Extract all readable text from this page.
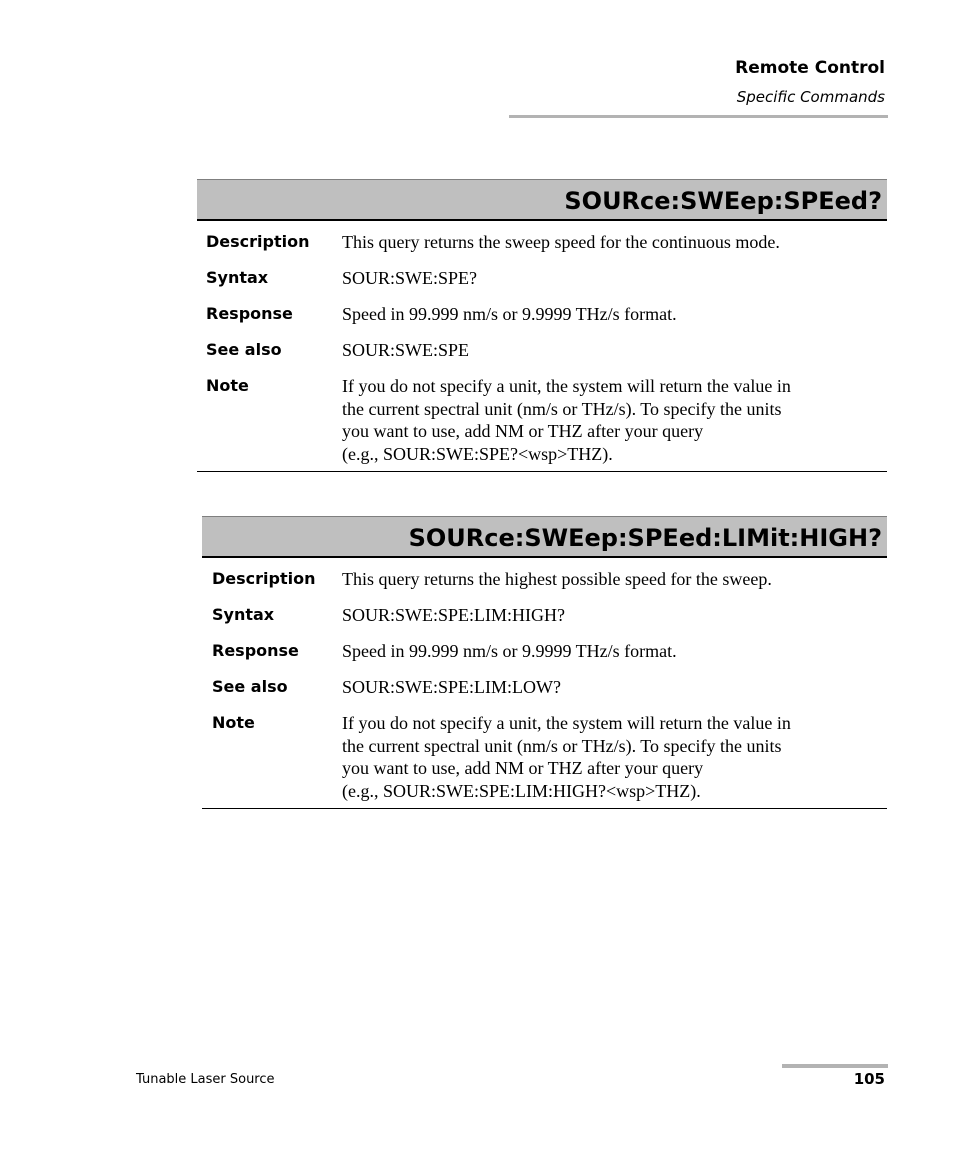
Remote Control
Specific Commands
SOURce:SWEep:SPEed?
Description This query returns the sweep speed for the continuous mode.
Syntax	SOUR:SWE:SPE?
Response	Speed in 99.999 nm/s or 9.9999 THz/s format.
See also	SOUR:SWE:SPE
Note	If you do not specify a unit, the system will return the value in
the current spectral unit (nm/s or THz/s). To specify the units
you want to use, add NM or THZ after your query
(e.g., SOUR:SWE:SPE?<wsp>THZ).
SOURce:SWEep:SPEed:LIMit:HIGH?
Description This query returns the highest possible speed for the sweep.
Syntax	SOUR:SWE:SPE:LIM:HIGH?
Response Speed in 99.999 nm/s or 9.9999 THz/s format.
See also	SOUR:SWE:SPE:LIM:LOW?
Note	If you do not specify a unit, the system will return the value in
the current spectral unit (nm/s or THz/s). To specify the units
you want to use, add NM or THZ after your query
(e.g., SOUR:SWE:SPE:LIM:HIGH?<wsp>THZ).
Tunable Laser Source	105
